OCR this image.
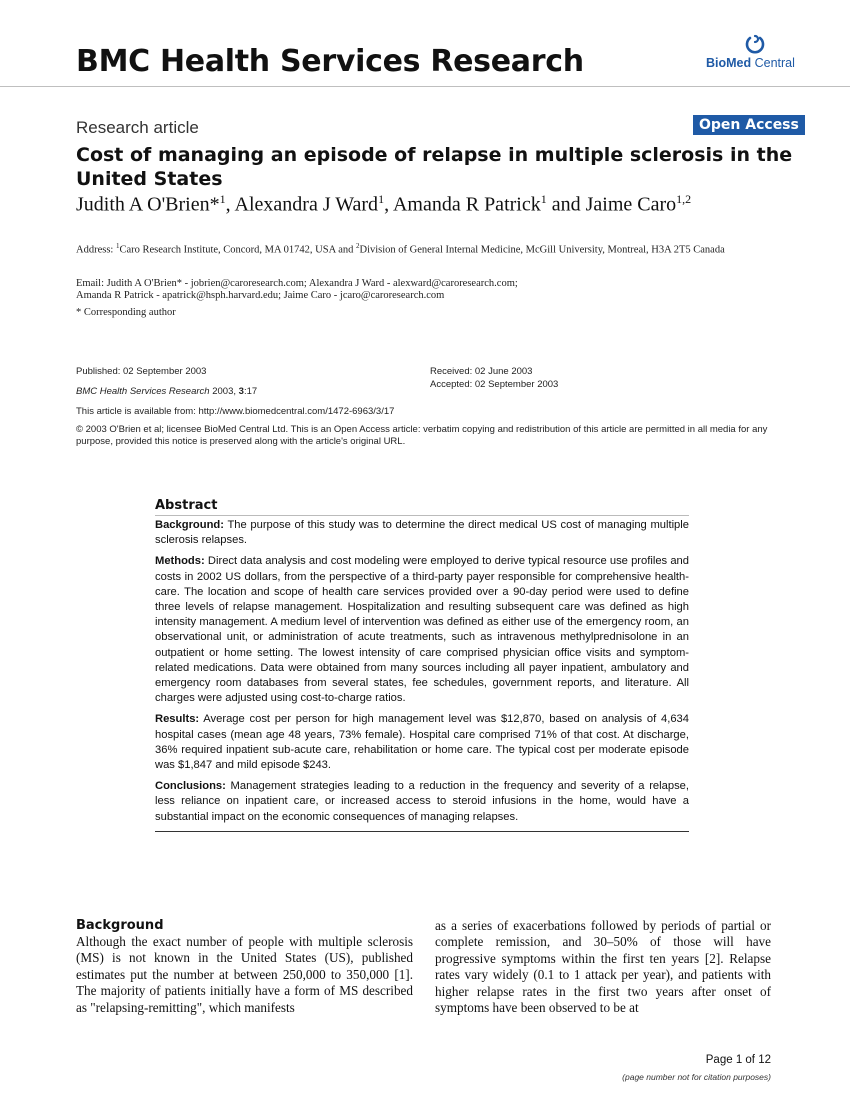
BMC Health Services Research	BioMed Central
Research article	Open Access
Cost of managing an episode of relapse in multiple sclerosis in the United States
Judith A O'Brien*$^1$, Alexandra J Ward$^1$, Amanda R Patrick$^1$ and Jaime Caro$^{1,2}$
Address: $^1$Caro Research Institute, Concord, MA 01742, USA and $^2$Division of General Internal Medicine, McGill University, Montreal, H3A 2T5 Canada
Email: Judith A O'Brien* - jobrien@caroresearch.com; Alexandra J Ward - alexward@caroresearch.com;
Amanda R Patrick - apatrick@hsph.harvard.edu; Jaime Caro - jcaro@caroresearch.com
* Corresponding author
Published: 02 September 2003
BMC Health Services Research 2003, 3:17
Received: 02 June 2003
Accepted: 02 September 2003
This article is available from: http://www.biomedcentral.com/1472-6963/3/17
© 2003 O'Brien et al; licensee BioMed Central Ltd. This is an Open Access article: verbatim copying and redistribution of this article are permitted in all media for any purpose, provided this notice is preserved along with the article's original URL.
Abstract

Background: The purpose of this study was to determine the direct medical US cost of managing multiple sclerosis relapses.

Methods: Direct data analysis and cost modeling were employed to derive typical resource use profiles and costs in 2002 US dollars, from the perspective of a third-party payer responsible for comprehensive health-care. The location and scope of health care services provided over a 90-day period were used to define three levels of relapse management. Hospitalization and resulting subsequent care was defined as high intensity management. A medium level of intervention was defined as either use of the emergency room, an observational unit, or administration of acute treatments, such as intravenous methylprednisolone in an outpatient or home setting. The lowest intensity of care comprised physician office visits and symptom-related medications. Data were obtained from many sources including all payer inpatient, ambulatory and emergency room databases from several states, fee schedules, government reports, and literature. All charges were adjusted using cost-to-charge ratios.

Results: Average cost per person for high management level was $12,870, based on analysis of 4,634 hospital cases (mean age 48 years, 73% female). Hospital care comprised 71% of that cost. At discharge, 36% required inpatient sub-acute care, rehabilitation or home care. The typical cost per moderate episode was $1,847 and mild episode $243.

Conclusions: Management strategies leading to a reduction in the frequency and severity of a relapse, less reliance on inpatient care, or increased access to steroid infusions in the home, would have a substantial impact on the economic consequences of managing relapses.

Background
Although the exact number of people with multiple sclerosis (MS) is not known in the United States (US), published estimates put the number at between 250,000 to 350,000 [1]. The majority of patients initially have a form of MS described as "relapsing-remitting", which manifests
as a series of exacerbations followed by periods of partial or complete remission, and 30–50% of those will have progressive symptoms within the first ten years [2]. Relapse rates vary widely (0.1 to 1 attack per year), and patients with higher relapse rates in the first two years after onset of symptoms have been observed to be at
Page 1 of 12
(page number not for citation purposes)
